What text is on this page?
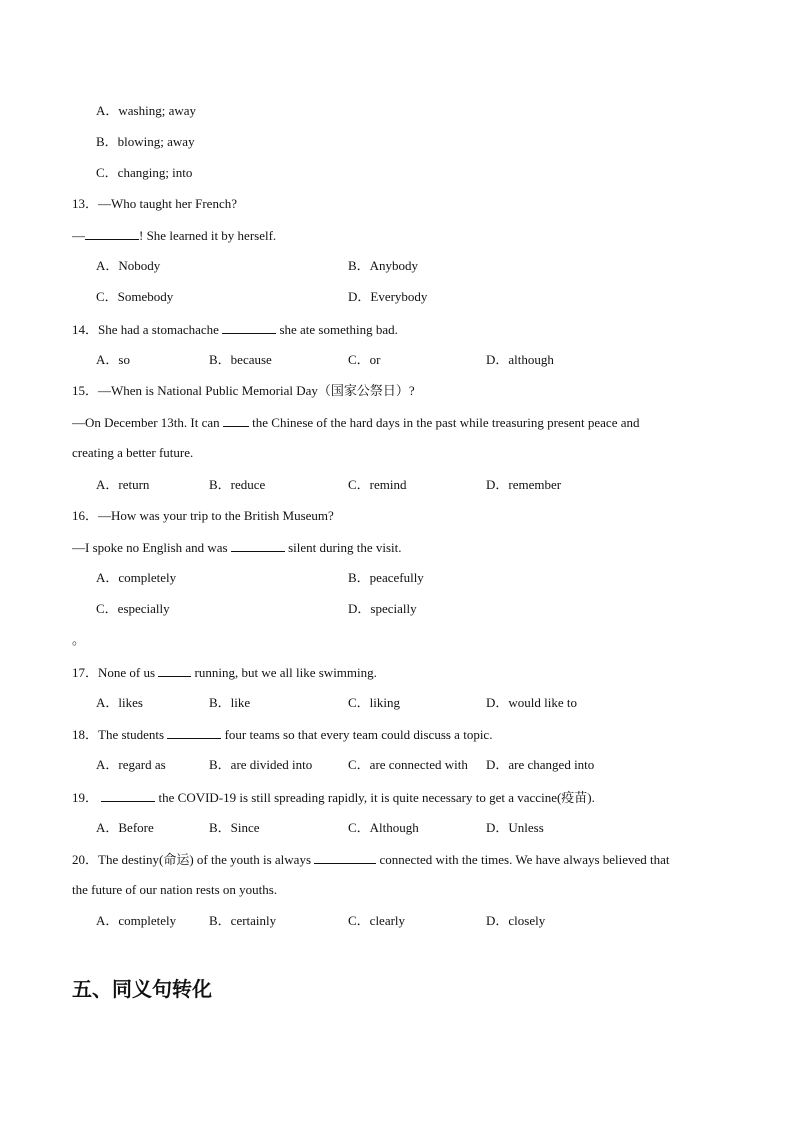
A．washing; away
B．blowing; away
C．changing; into
13．—Who taught her French?
—	! She learned it by herself.
A．Nobody	B．Anybody
C．Somebody	D．Everybody
14．She had a stomachache	she ate something bad.
A．so	B．because	C．or	D．although
15．—When is National Public Memorial Day（国家公祭日）?
—On December 13th. It can	the Chinese of the hard days in the past while treasuring present peace and
creating a better future.
A．return	B．reduce	C．remind	D．remember
16．—How was your trip to the British Museum?
—I spoke no English and was	silent during the visit.
A．completely	B．peacefully
C．especially	D．specially
。
17．None of us	running, but we all like swimming.
A．likes	B．like	C．liking	D．would like to
18．The students	four teams so that every team could discuss a topic.
A．regard as	B．are divided into	C．are connected with D．are changed into
19．	the COVID-19 is still spreading rapidly, it is quite necessary to get a vaccine(疫苗).
A．Before	B．Since	C．Although	D．Unless
20．The destiny(命运) of the youth is always	connected with the times. We have always believed that
the future of our nation rests on youths.
A．completely	B．certainly	C．clearly	D．closely
五、同义句转化
